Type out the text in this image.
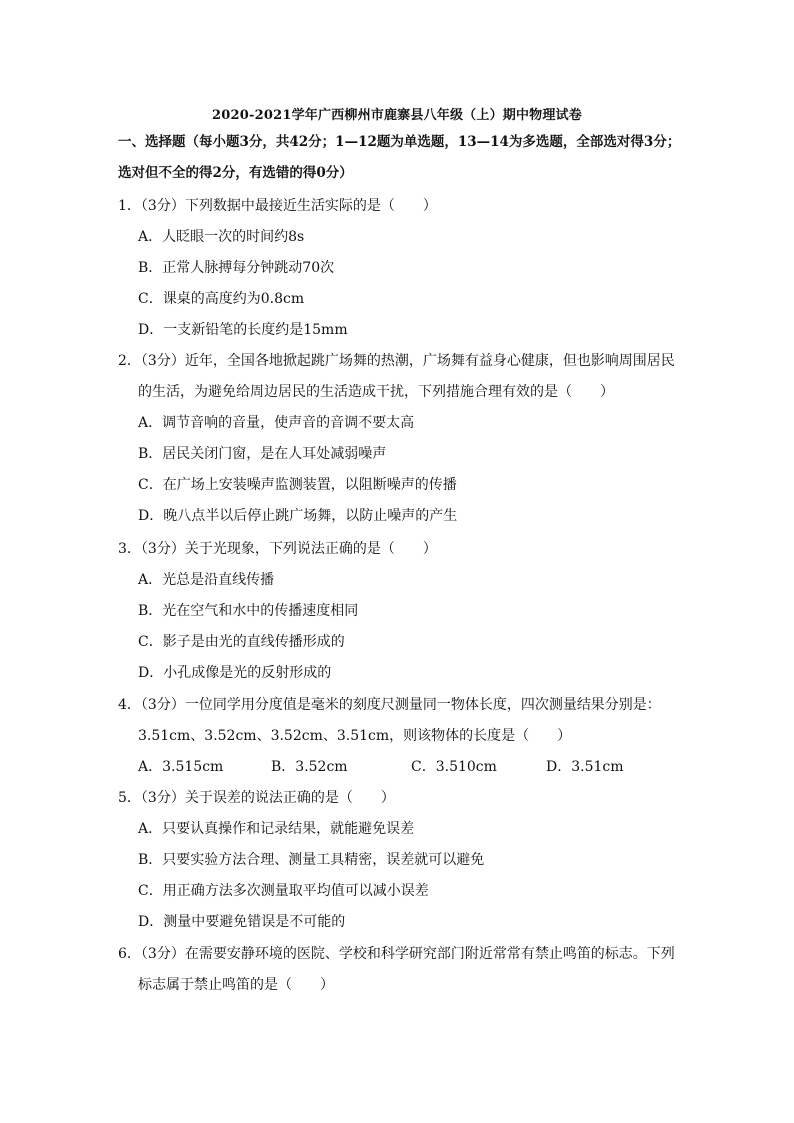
2020-2021学年广西柳州市鹿寨县八年级（上）期中物理试卷
一、选择题（每小题3分，共42分；1—12题为单选题，13—14为多选题，全部选对得3分；选对但不全的得2分，有选错的得0分）
1．（3分）下列数据中最接近生活实际的是（　　）
A．人眨眼一次的时间约8s
B．正常人脉搏每分钟跳动70次
C．课桌的高度约为0.8cm
D．一支新铅笔的长度约是15mm
2．（3分）近年，全国各地掀起跳广场舞的热潮，广场舞有益身心健康，但也影响周围居民
的生活，为避免给周边居民的生活造成干扰，下列措施合理有效的是（　　）
A．调节音响的音量，使声音的音调不要太高
B．居民关闭门窗，是在人耳处减弱噪声
C．在广场上安装噪声监测装置，以阻断噪声的传播
D．晚八点半以后停止跳广场舞，以防止噪声的产生
3．（3分）关于光现象，下列说法正确的是（　　）
A．光总是沿直线传播
B．光在空气和水中的传播速度相同
C．影子是由光的直线传播形成的
D．小孔成像是光的反射形成的
4．（3分）一位同学用分度值是毫米的刻度尺测量同一物体长度，四次测量结果分别是：
3.51cm、3.52cm、3.52cm、3.51cm，则该物体的长度是（　　）
A．3.515cm	B．3.52cm	C．3.510cm	D．3.51cm
5．（3分）关于误差的说法正确的是（　　）
A．只要认真操作和记录结果，就能避免误差
B．只要实验方法合理、测量工具精密，误差就可以避免
C．用正确方法多次测量取平均值可以减小误差
D．测量中要避免错误是不可能的
6．（3分）在需要安静环境的医院、学校和科学研究部门附近常常有禁止鸣笛的标志。下列
标志属于禁止鸣笛的是（　　）
